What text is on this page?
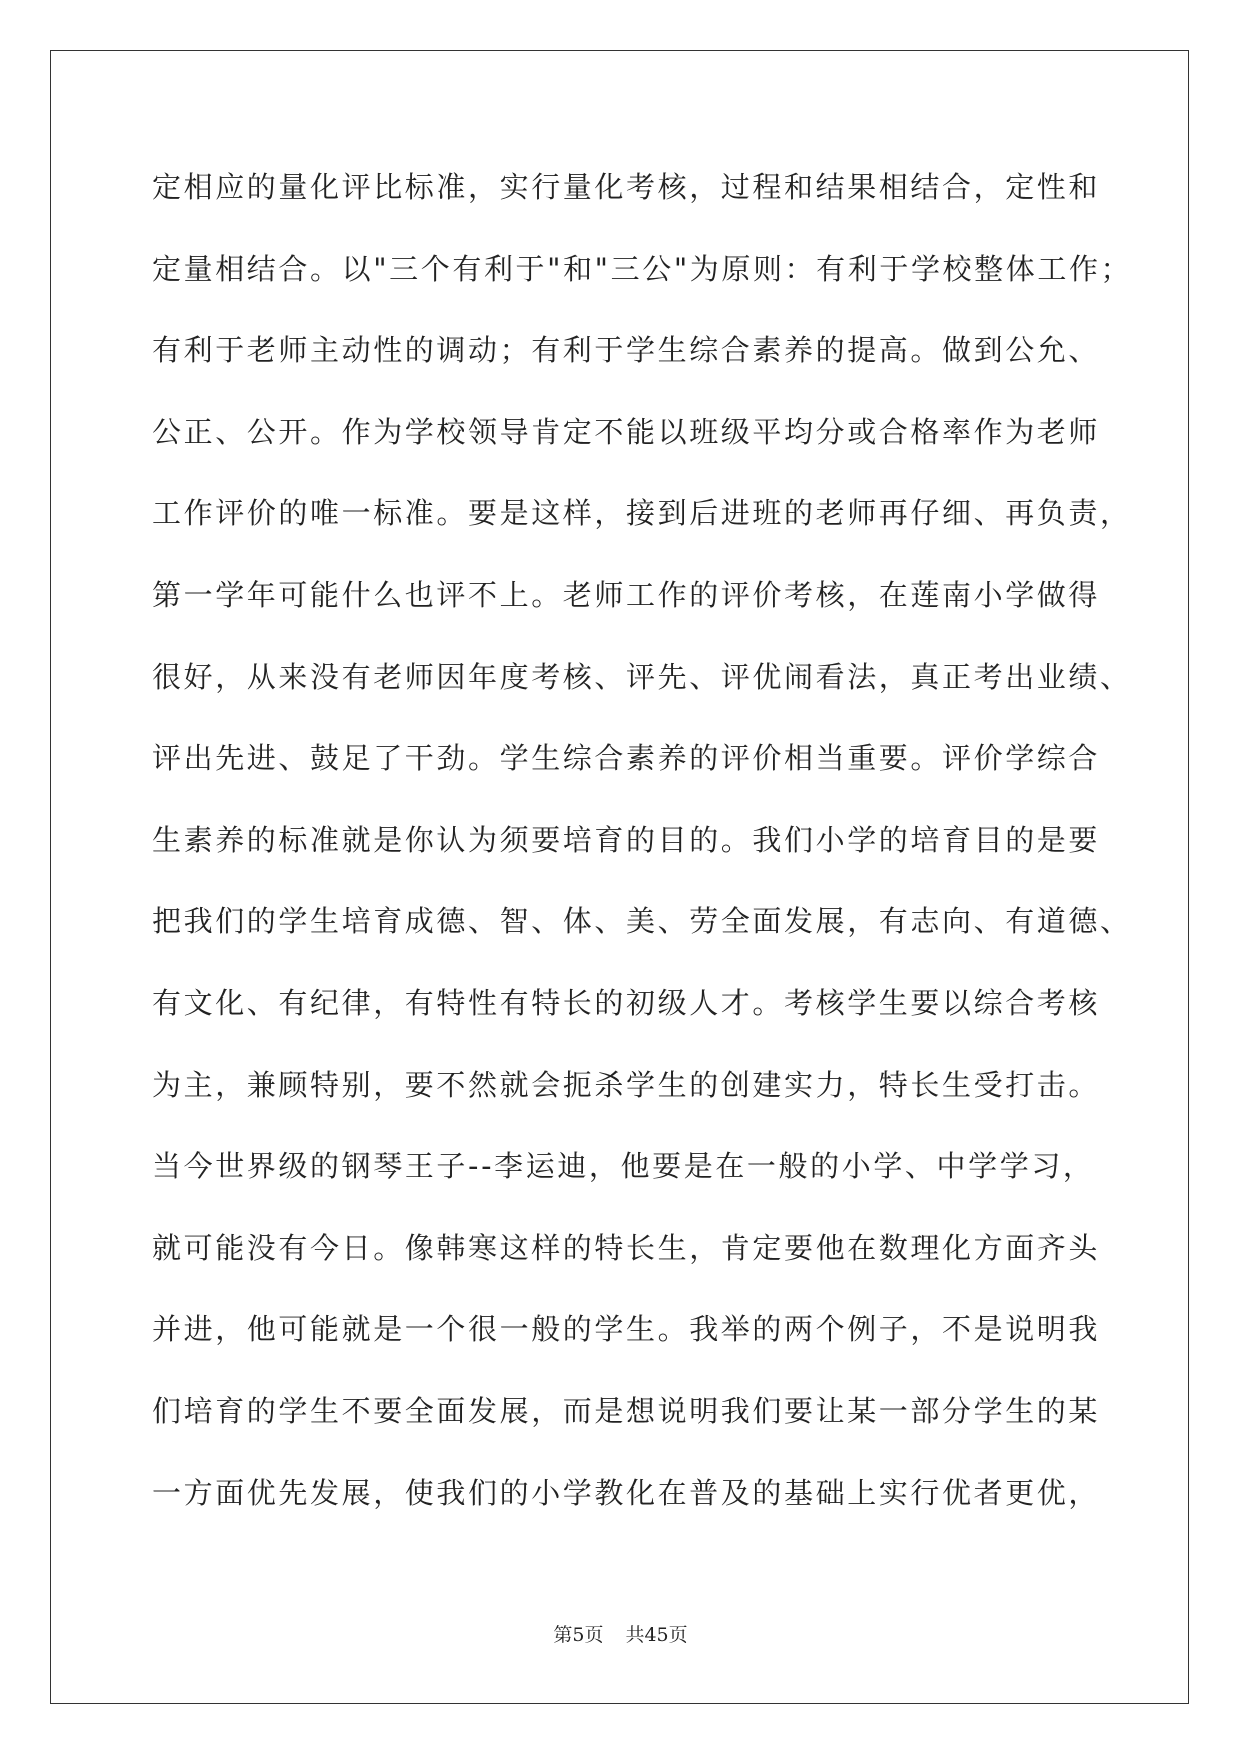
定相应的量化评比标准，实行量化考核，过程和结果相结合，定性和
定量相结合。以"三个有利于"和"三公"为原则：有利于学校整体工作；
有利于老师主动性的调动；有利于学生综合素养的提高。做到公允、
公正、公开。作为学校领导肯定不能以班级平均分或合格率作为老师
工作评价的唯一标准。要是这样，接到后进班的老师再仔细、再负责，
第一学年可能什么也评不上。老师工作的评价考核，在莲南小学做得
很好，从来没有老师因年度考核、评先、评优闹看法，真正考出业绩、
评出先进、鼓足了干劲。学生综合素养的评价相当重要。评价学综合
生素养的标准就是你认为须要培育的目的。我们小学的培育目的是要
把我们的学生培育成德、智、体、美、劳全面发展，有志向、有道德、
有文化、有纪律，有特性有特长的初级人才。考核学生要以综合考核
为主，兼顾特别，要不然就会扼杀学生的创建实力，特长生受打击。
当今世界级的钢琴王子--李运迪，他要是在一般的小学、中学学习，
就可能没有今日。像韩寒这样的特长生，肯定要他在数理化方面齐头
并进，他可能就是一个很一般的学生。我举的两个例子，不是说明我
们培育的学生不要全面发展，而是想说明我们要让某一部分学生的某
一方面优先发展，使我们的小学教化在普及的基础上实行优者更优，
第5页 共45页
